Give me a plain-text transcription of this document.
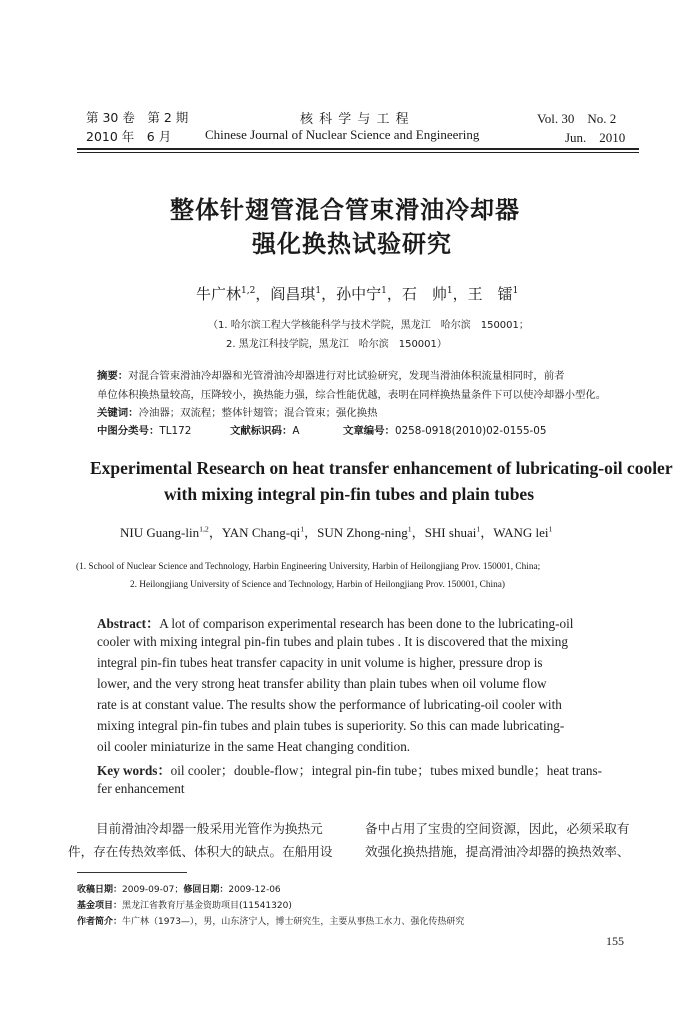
第 30 卷　第 2 期
2010 年　6 月
核 科 学 与 工 程
Chinese Journal of Nuclear Science and Engineering
Vol. 30　No. 2
Jun.　2010
整体针翅管混合管束滑油冷却器
强化换热试验研究
牛广林$^{1,2}$，阎昌琪$^1$，孙中宁$^1$，石　帅$^1$，王　镭$^1$
（1. 哈尔滨工程大学核能科学与技术学院，黑龙江　哈尔滨　150001；
2. 黑龙江科技学院，黑龙江　哈尔滨　150001）
摘要：对混合管束滑油冷却器和光管滑油冷却器进行对比试验研究，发现当滑油体积流量相同时，前者
单位体积换热量较高，压降较小，换热能力强，综合性能优越，表明在同样换热量条件下可以使冷却器小型化。
关键词：冷油器；双流程；整体针翅管；混合管束；强化换热
中图分类号：TL172	文献标识码：A	文章编号：0258-0918(2010)02-0155-05
Experimental Research on heat transfer enhancement of lubricating-oil cooler
with mixing integral pin-fin tubes and plain tubes
NIU Guang-lin$^{1,2}$，YAN Chang-$qi^1$，SUN Zhong-ning$^1$，SHI shuai$^1$，WANG lei$^1$
(1. School of Nuclear Science and Technology, Harbin Engineering University, Harbin of Heilongjiang Prov. 150001, China;
2. Heilongjiang University of Science and Technology, Harbin of Heilongjiang Prov. 150001, China)
Abstract：A lot of comparison experimental research has been done to the lubricating-oil
cooler with mixing integral pin-fin tubes and plain tubes . It is discovered that the mixing
integral pin-fin tubes heat transfer capacity in unit volume is higher, pressure drop is
lower, and the very strong heat transfer ability than plain tubes when oil volume flow
rate is at constant value. The results show the performance of lubricating-oil cooler with
mixing integral pin-fin tubes and plain tubes is superiority. So this can made lubricating-
oil cooler miniaturize in the same Heat changing condition.
Key words：oil cooler；double-flow；integral pin-fin tube；tubes mixed bundle；heat trans-
fer enhancement
目前滑油冷却器一般采用光管作为换热元
件，存在传热效率低、体积大的缺点。在船用设
备中占用了宝贵的空间资源，因此，必须采取有
效强化换热措施，提高滑油冷却器的换热效率、
收稿日期：2009-09-07；修回日期：2009-12-06
基金项目：黑龙江省教育厅基金资助项目(11541320)
作者简介：牛广林（1973—），男，山东济宁人，博士研究生，主要从事热工水力、强化传热研究
155
